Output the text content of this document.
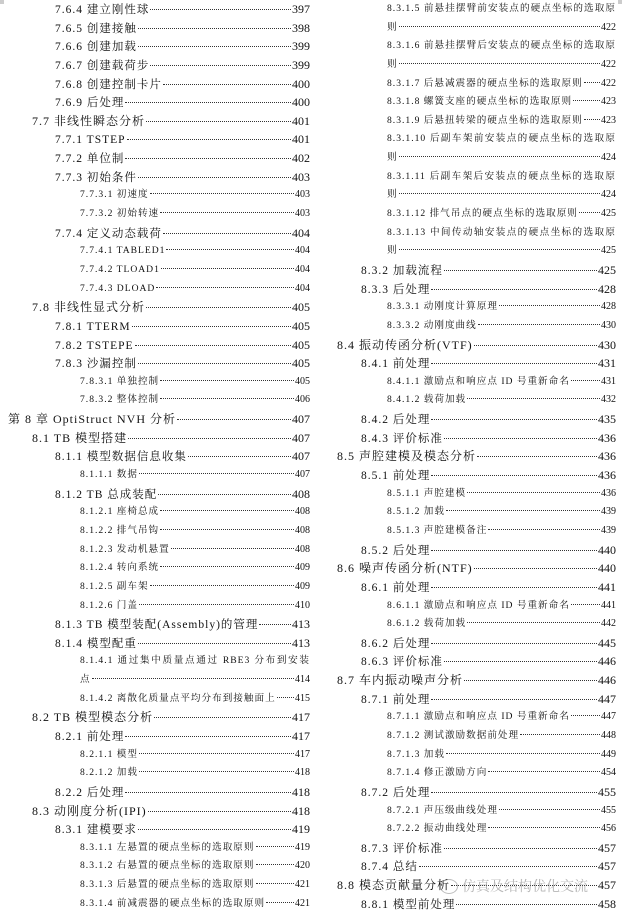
7.6.4 建立刚性球	397
7.6.5 创建接触	398
7.6.6 创建加载	399
7.6.7 创建载荷步	399
7.6.8 创建控制卡片	400
7.6.9 后处理	400
7.7 非线性瞬态分析	401
7.7.1 TSTEP	401
7.7.2 单位制	402
7.7.3 初始条件	403
7.7.3.1 初速度	403
7.7.3.2 初始转速	403
7.7.4 定义动态载荷	404
7.7.4.1 TABLED1	404
7.7.4.2 TLOAD1	404
7.7.4.3 DLOAD	404
7.8 非线性显式分析	405
7.8.1 TTERM	405
7.8.2 TSTEPE	405
7.8.3 沙漏控制	405
7.8.3.1 单独控制	405
7.8.3.2 整体控制	406
第 8 章 OptiStruct NVH 分析	407
8.1 TB 模型搭建	407
8.1.1 模型数据信息收集	407
8.1.1.1 数据	407
8.1.2 TB 总成装配	408
8.1.2.1 座椅总成	408
8.1.2.2 排气吊钩	408
8.1.2.3 发动机悬置	408
8.1.2.4 转向系统	409
8.1.2.5 副车架	409
8.1.2.6 门盖	410
8.1.3 TB 模型装配(Assembly)的管理	413
8.1.4 模型配重	413
8.1.4.1 通过集中质量点通过 RBE3 分布到安装
点	414
8.1.4.2 离散化质量点平均分布到接触面上 415
8.2 TB 模型模态分析	417
8.2.1 前处理	417
8.2.1.1 模型	417
8.2.1.2 加载	418
8.2.2 后处理	418
8.3 动刚度分析(IPI)	418
8.3.1 建模要求	419
8.3.1.1 左悬置的硬点坐标的选取原则	419
8.3.1.2 右悬置的硬点坐标的选取原则	420
8.3.1.3 后悬置的硬点坐标的选取原则	421
8.3.1.4 前减震器的硬点坐标的选取原则	421
8.3.1.5 前悬挂摆臂前安装点的硬点坐标的选取原
则	422
8.3.1.6 前悬挂摆臂后安装点的硬点坐标的选取原
则	422
8.3.1.7 后悬减震器的硬点坐标的选取原则 422
8.3.1.8 螺簧支座的硬点坐标的选取原则	423
8.3.1.9 后悬扭转梁的硬点坐标的选取原则 423
8.3.1.10 后副车架前安装点的硬点坐标的选取原
则	424
8.3.1.11 后副车架后安装点的硬点坐标的选取原
则	424
8.3.1.12 排气吊点的硬点坐标的选取原则 425
8.3.1.13 中间传动轴安装点的硬点坐标的选取原
则	425
8.3.2 加载流程	425
8.3.3 后处理	428
8.3.3.1 动刚度计算原理	428
8.3.3.2 动刚度曲线	430
8.4 振动传函分析(VTF)	430
8.4.1 前处理	431
8.4.1.1 激励点和响应点 ID 号重新命名	431
8.4.1.2 载荷加载	432
8.4.2 后处理	435
8.4.3 评价标准	436
8.5 声腔建模及模态分析	436
8.5.1 前处理	436
8.5.1.1 声腔建模	436
8.5.1.2 加载	439
8.5.1.3 声腔建模备注	439
8.5.2 后处理	440
8.6 噪声传函分析(NTF)	440
8.6.1 前处理	441
8.6.1.1 激励点和响应点 ID 号重新命名	441
8.6.1.2 载荷加载	442
8.6.2 后处理	445
8.6.3 评价标准	446
8.7 车内振动噪声分析	446
8.7.1 前处理	447
8.7.1.1 激励点和响应点 ID 号重新命名	447
8.7.1.2 测试激励数据前处理	448
8.7.1.3 加载	449
8.7.1.4 修正激励方向	454
8.7.2 后处理	455
8.7.2.1 声压级曲线处理	455
8.7.2.2 振动曲线处理	456
8.7.3 评价标准	457
8.7.4 总结	457
8.8 模态贡献量分析	457
8.8.1 模型前处理	458
仿真及结构优化交流
